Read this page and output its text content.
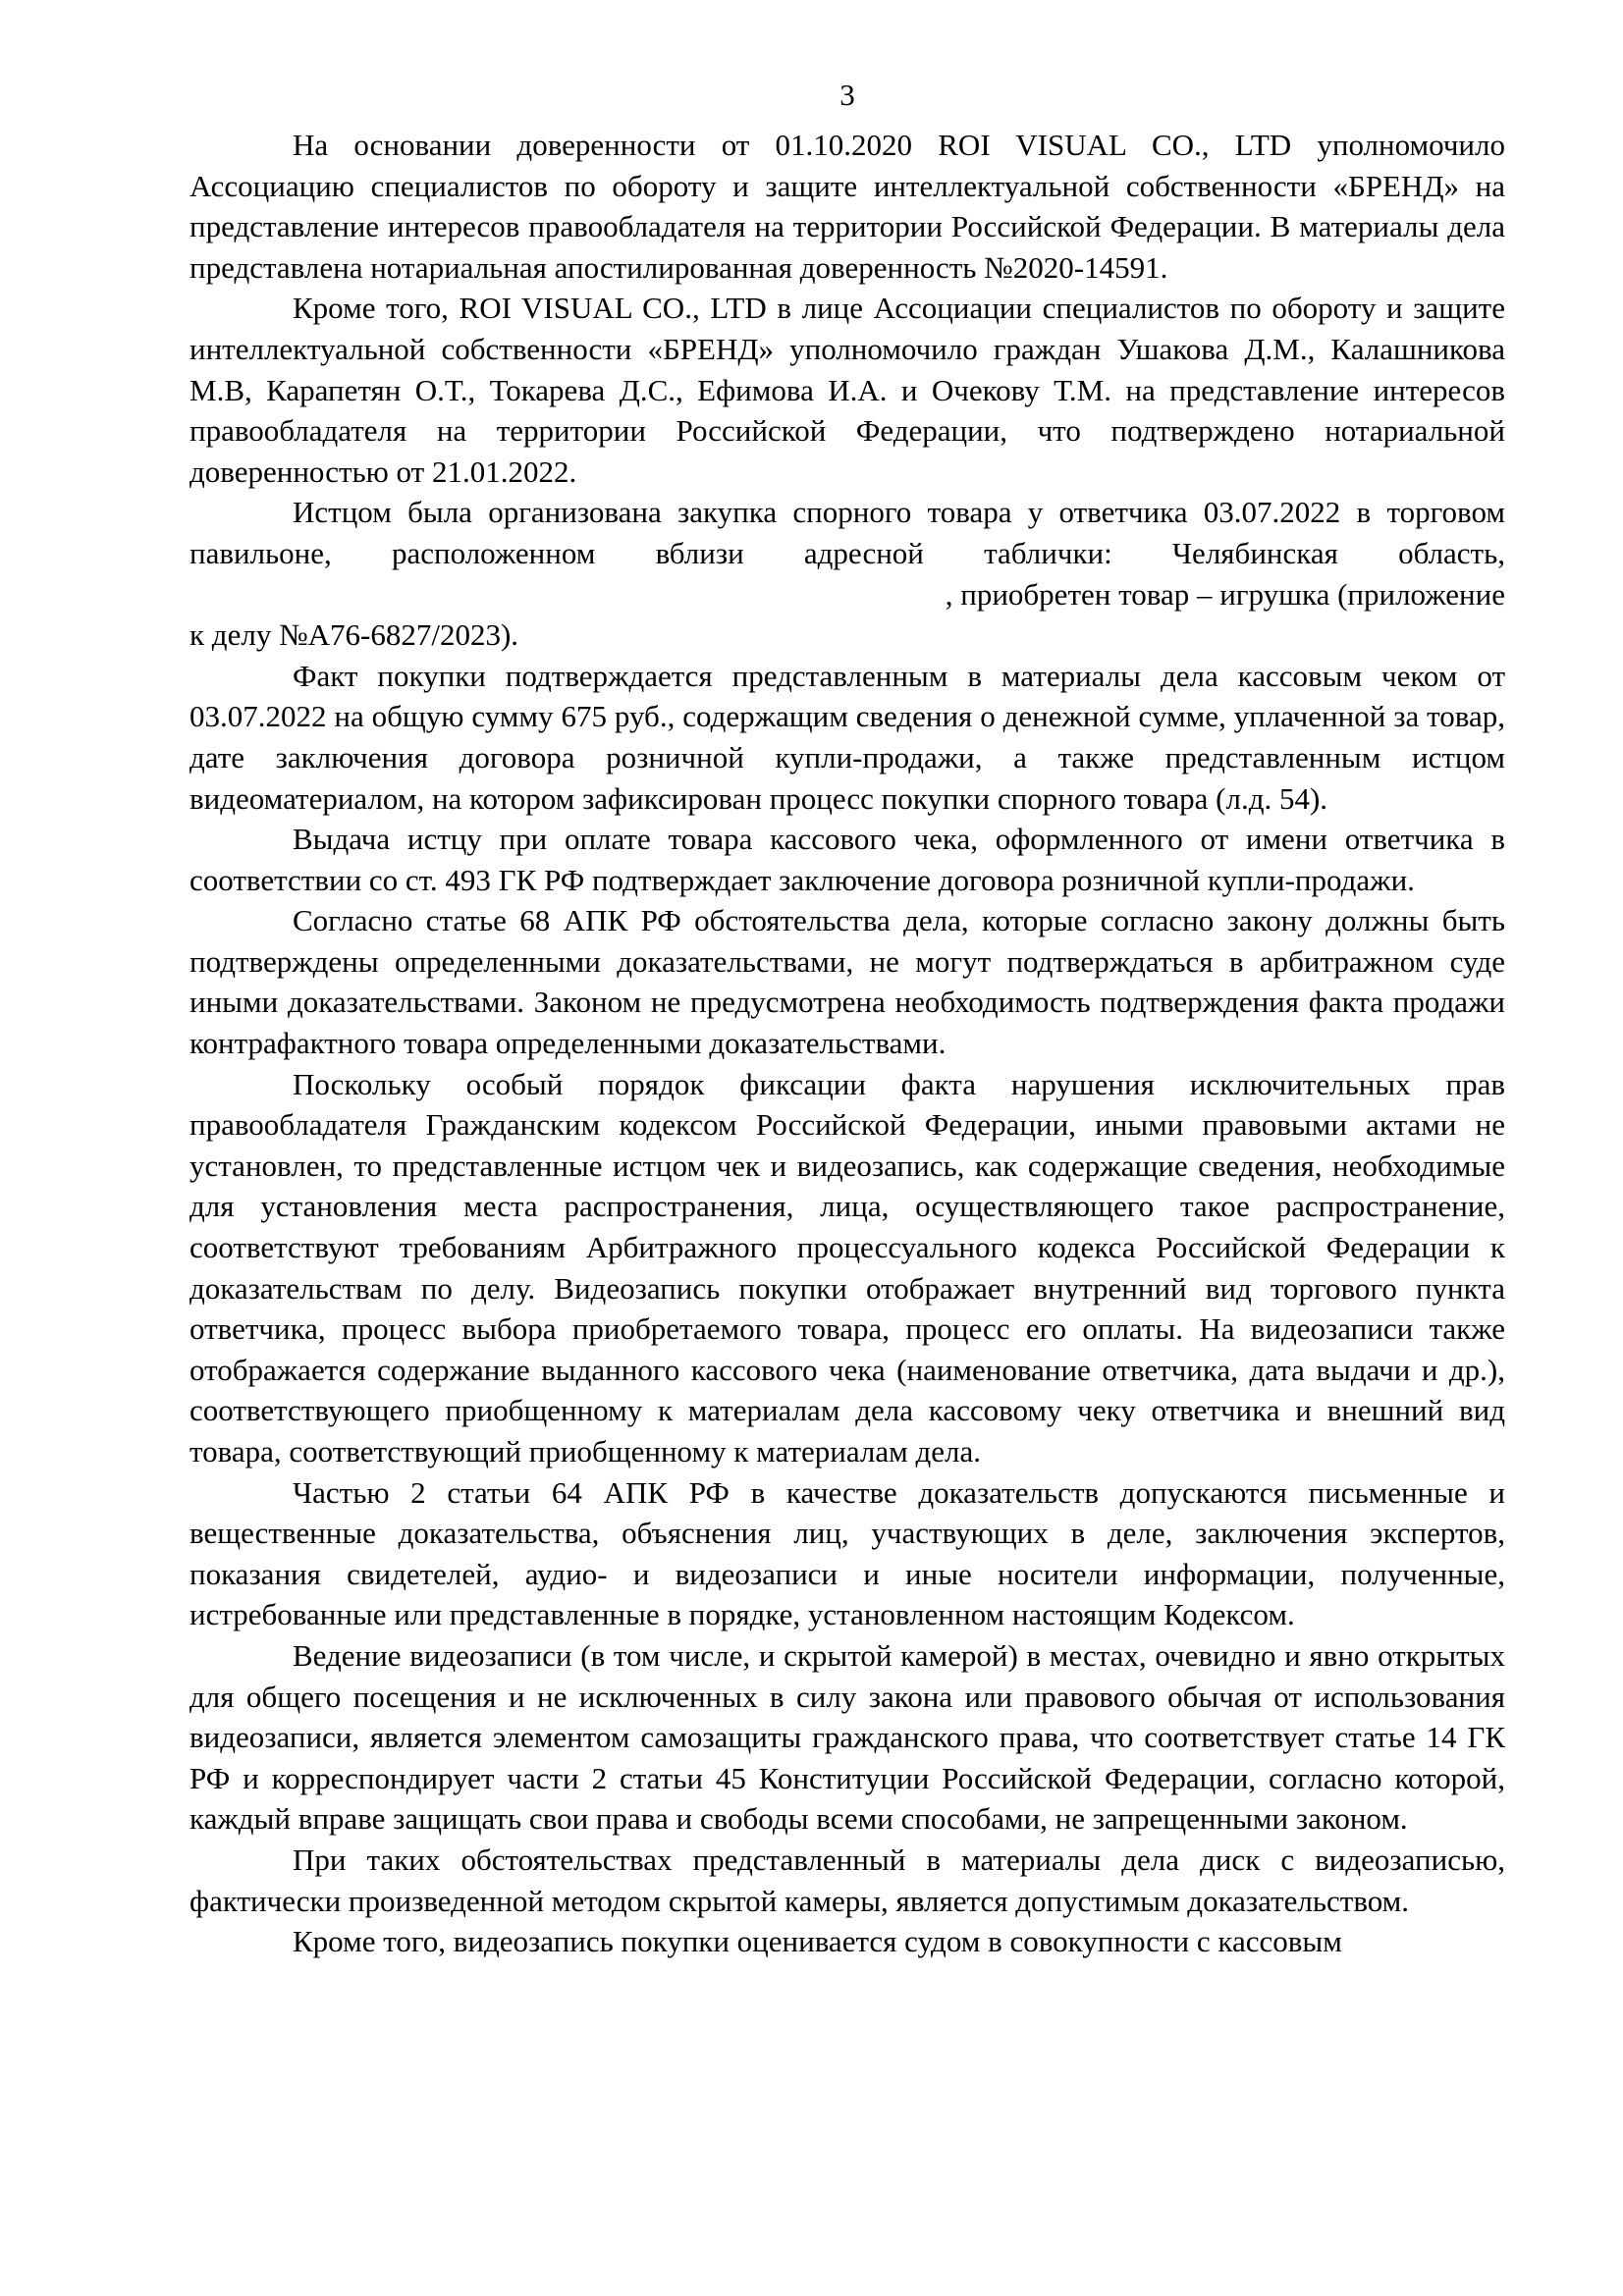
3

На основании доверенности от 01.10.2020 ROI VISUAL CO., LTD уполномочило Ассоциацию специалистов по обороту и защите интеллектуальной собственности «БРЕНД» на представление интересов правообладателя на территории Российской Федерации. В материалы дела представлена нотариальная апостилированная доверенность №2020-14591.

Кроме того, ROI VISUAL CO., LTD в лице Ассоциации специалистов по обороту и защите интеллектуальной собственности «БРЕНД» уполномочило граждан Ушакова Д.М., Калашникова М.В, Карапетян О.Т., Токарева Д.С., Ефимова И.А. и Очекову Т.М. на представление интересов правообладателя на территории Российской Федерации, что подтверждено нотариальной доверенностью от 21.01.2022.

Истцом была организована закупка спорного товара у ответчика 03.07.2022 в торговом павильоне, расположенном вблизи адресной таблички: Челябинская область,

, приобретен товар – игрушка (приложение

к делу №А76-6827/2023).

Факт покупки подтверждается представленным в материалы дела кассовым чеком от 03.07.2022 на общую сумму 675 руб., содержащим сведения о денежной сумме, уплаченной за товар, дате заключения договора розничной купли-продажи, а также представленным истцом видеоматериалом, на котором зафиксирован процесс покупки спорного товара (л.д. 54).

Выдача истцу при оплате товара кассового чека, оформленного от имени ответчика в соответствии со ст. 493 ГК РФ подтверждает заключение договора розничной купли-продажи.

Согласно статье 68 АПК РФ обстоятельства дела, которые согласно закону должны быть подтверждены определенными доказательствами, не могут подтверждаться в арбитражном суде иными доказательствами. Законом не предусмотрена необходимость подтверждения факта продажи контрафактного товара определенными доказательствами.

Поскольку особый порядок фиксации факта нарушения исключительных прав правообладателя Гражданским кодексом Российской Федерации, иными правовыми актами не установлен, то представленные истцом чек и видеозапись, как содержащие сведения, необходимые для установления места распространения, лица, осуществляющего такое распространение, соответствуют требованиям Арбитражного процессуального кодекса Российской Федерации к доказательствам по делу. Видеозапись покупки отображает внутренний вид торгового пункта ответчика, процесс выбора приобретаемого товара, процесс его оплаты. На видеозаписи также отображается содержание выданного кассового чека (наименование ответчика, дата выдачи и др.), соответствующего приобщенному к материалам дела кассовому чеку ответчика и внешний вид товара, соответствующий приобщенному к материалам дела.

Частью 2 статьи 64 АПК РФ в качестве доказательств допускаются письменные и вещественные доказательства, объяснения лиц, участвующих в деле, заключения экспертов, показания свидетелей, аудио- и видеозаписи и иные носители информации, полученные, истребованные или представленные в порядке, установленном настоящим Кодексом.

Ведение видеозаписи (в том числе, и скрытой камерой) в местах, очевидно и явно открытых для общего посещения и не исключенных в силу закона или правового обычая от использования видеозаписи, является элементом самозащиты гражданского права, что соответствует статье 14 ГК РФ и корреспондирует части 2 статьи 45 Конституции Российской Федерации, согласно которой, каждый вправе защищать свои права и свободы всеми способами, не запрещенными законом.

При таких обстоятельствах представленный в материалы дела диск с видеозаписью, фактически произведенной методом скрытой камеры, является допустимым доказательством.

Кроме того, видеозапись покупки оценивается судом в совокупности с кассовым
